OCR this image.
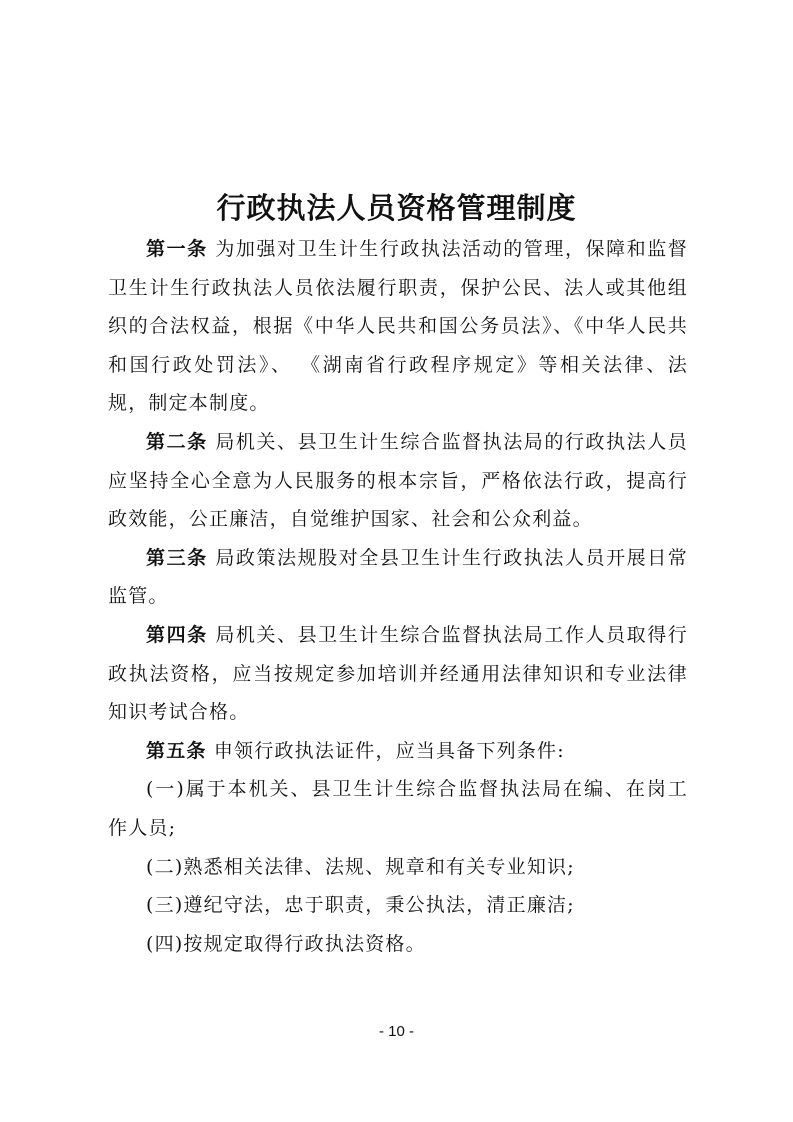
行政执法人员资格管理制度

第一条 为加强对卫生计生行政执法活动的管理，保障和监督卫生计生行政执法人员依法履行职责，保护公民、法人或其他组织的合法权益，根据《中华人民共和国公务员法》、《中华人民共和国行政处罚法》、 《湖南省行政程序规定》等相关法律、法规，制定本制度。

第二条 局机关、县卫生计生综合监督执法局的行政执法人员应坚持全心全意为人民服务的根本宗旨，严格依法行政，提高行政效能，公正廉洁，自觉维护国家、社会和公众利益。

第三条 局政策法规股对全县卫生计生行政执法人员开展日常监管。

第四条 局机关、县卫生计生综合监督执法局工作人员取得行政执法资格，应当按规定参加培训并经通用法律知识和专业法律知识考试合格。

第五条 申领行政执法证件，应当具备下列条件:

(一)属于本机关、县卫生计生综合监督执法局在编、在岗工作人员;

(二)熟悉相关法律、法规、规章和有关专业知识;

(三)遵纪守法，忠于职责，秉公执法，清正廉洁;

(四)按规定取得行政执法资格。

- 10 -
